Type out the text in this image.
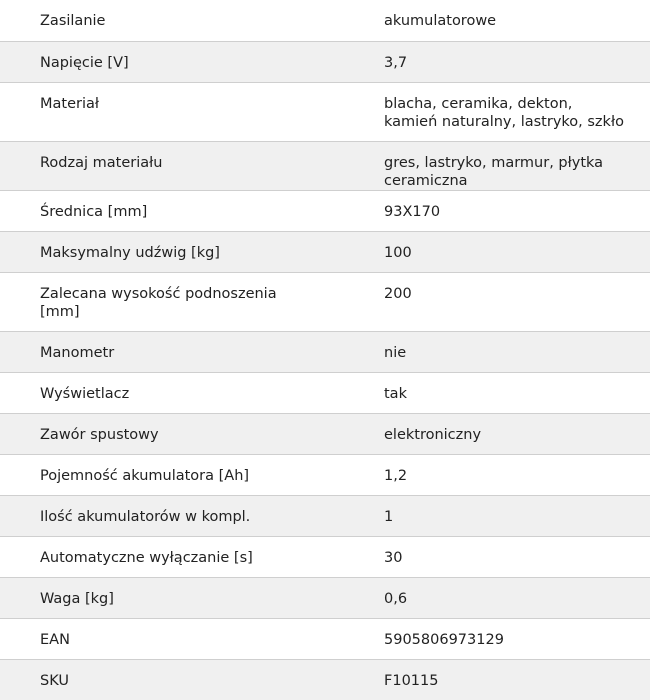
Zasilanie	akumulatorowe
Napięcie [V]	3,7
Materiał	blacha, ceramika, dekton, kamień naturalny, lastryko, szkło
Rodzaj materiału	gres, lastryko, marmur, płytka ceramiczna
Średnica [mm]	93X170
Maksymalny udźwig [kg]	100
Zalecana wysokość podnoszenia [mm]	200
Manometr	nie
Wyświetlacz	tak
Zawór spustowy	elektroniczny
Pojemność akumulatora [Ah]	1,2
Ilość akumulatorów w kompl.	1
Automatyczne wyłączanie [s]	30
Waga [kg]	0,6
EAN	5905806973129
SKU	F10115
